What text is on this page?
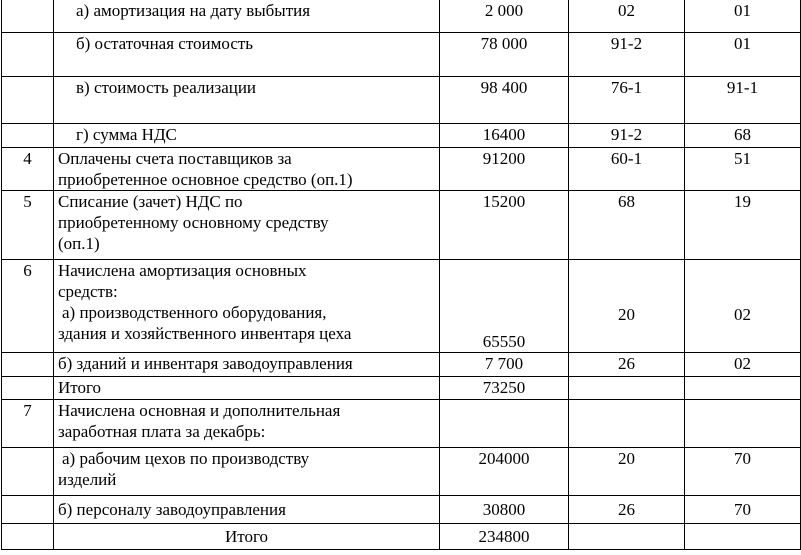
	а) амортизация на дату выбытия	2 000	02	01

	б) остаточная стоимость	78 000	91-2	01

	в) стоимость реализации	98 400	76-1	91-1

	г) сумма НДС	16400	91-2	68
4	Оплачены счета поставщиков за
приобретенное основное средство (оп.1)	91200	60-1	51
5	Списание (зачет) НДС по
приобретенному основному средству
(оп.1)	15200	68	19
6	Начислена амортизация основных
средств:
а) производственного оборудования,
здания и хозяйственного инвентаря цеха	65550	20	02

	б) зданий и инвентаря заводоуправления	7 700	26	02

	Итого	73250		
7	Начислена основная и дополнительная
заработная плата за декабрь:			

	а) рабочим цехов по производству
изделий	204000	20	70

	б) персоналу заводоуправления	30800	26	70
	Итого	234800		
